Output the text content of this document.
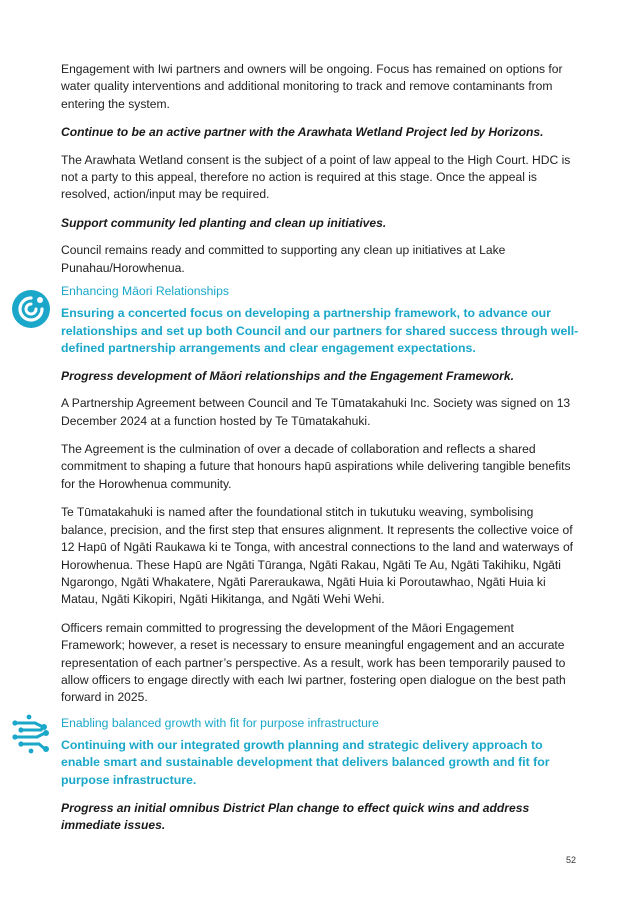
Engagement with Iwi partners and owners will be ongoing. Focus has remained on options for water quality interventions and additional monitoring to track and remove contaminants from entering the system.

Continue to be an active partner with the Arawhata Wetland Project led by Horizons.

The Arawhata Wetland consent is the subject of a point of law appeal to the High Court. HDC is not a party to this appeal, therefore no action is required at this stage. Once the appeal is resolved, action/input may be required.

Support community led planting and clean up initiatives.

Council remains ready and committed to supporting any clean up initiatives at Lake Punahau/Horowhenua.

Enhancing Māori Relationships

Ensuring a concerted focus on developing a partnership framework, to advance our relationships and set up both Council and our partners for shared success through well-defined partnership arrangements and clear engagement expectations.

Progress development of Māori relationships and the Engagement Framework.

A Partnership Agreement between Council and Te Tūmatakahuki Inc. Society was signed on 13 December 2024 at a function hosted by Te Tūmatakahuki.

The Agreement is the culmination of over a decade of collaboration and reflects a shared commitment to shaping a future that honours hapū aspirations while delivering tangible benefits for the Horowhenua community.

Te Tūmatakahuki is named after the foundational stitch in tukutuku weaving, symbolising balance, precision, and the first step that ensures alignment. It represents the collective voice of 12 Hapū of Ngāti Raukawa ki te Tonga, with ancestral connections to the land and waterways of Horowhenua. These Hapū are Ngāti Tūranga, Ngāti Rakau, Ngāti Te Au, Ngāti Takihiku, Ngāti Ngarongo, Ngāti Whakatere, Ngāti Pareraukawa, Ngāti Huia ki Poroutawhao, Ngāti Huia ki Matau, Ngāti Kikopiri, Ngāti Hikitanga, and Ngāti Wehi Wehi.

Officers remain committed to progressing the development of the Māori Engagement Framework; however, a reset is necessary to ensure meaningful engagement and an accurate representation of each partner’s perspective. As a result, work has been temporarily paused to allow officers to engage directly with each Iwi partner, fostering open dialogue on the best path forward in 2025.

Enabling balanced growth with fit for purpose infrastructure

Continuing with our integrated growth planning and strategic delivery approach to enable smart and sustainable development that delivers balanced growth and fit for purpose infrastructure.

Progress an initial omnibus District Plan change to effect quick wins and address immediate issues.

52
